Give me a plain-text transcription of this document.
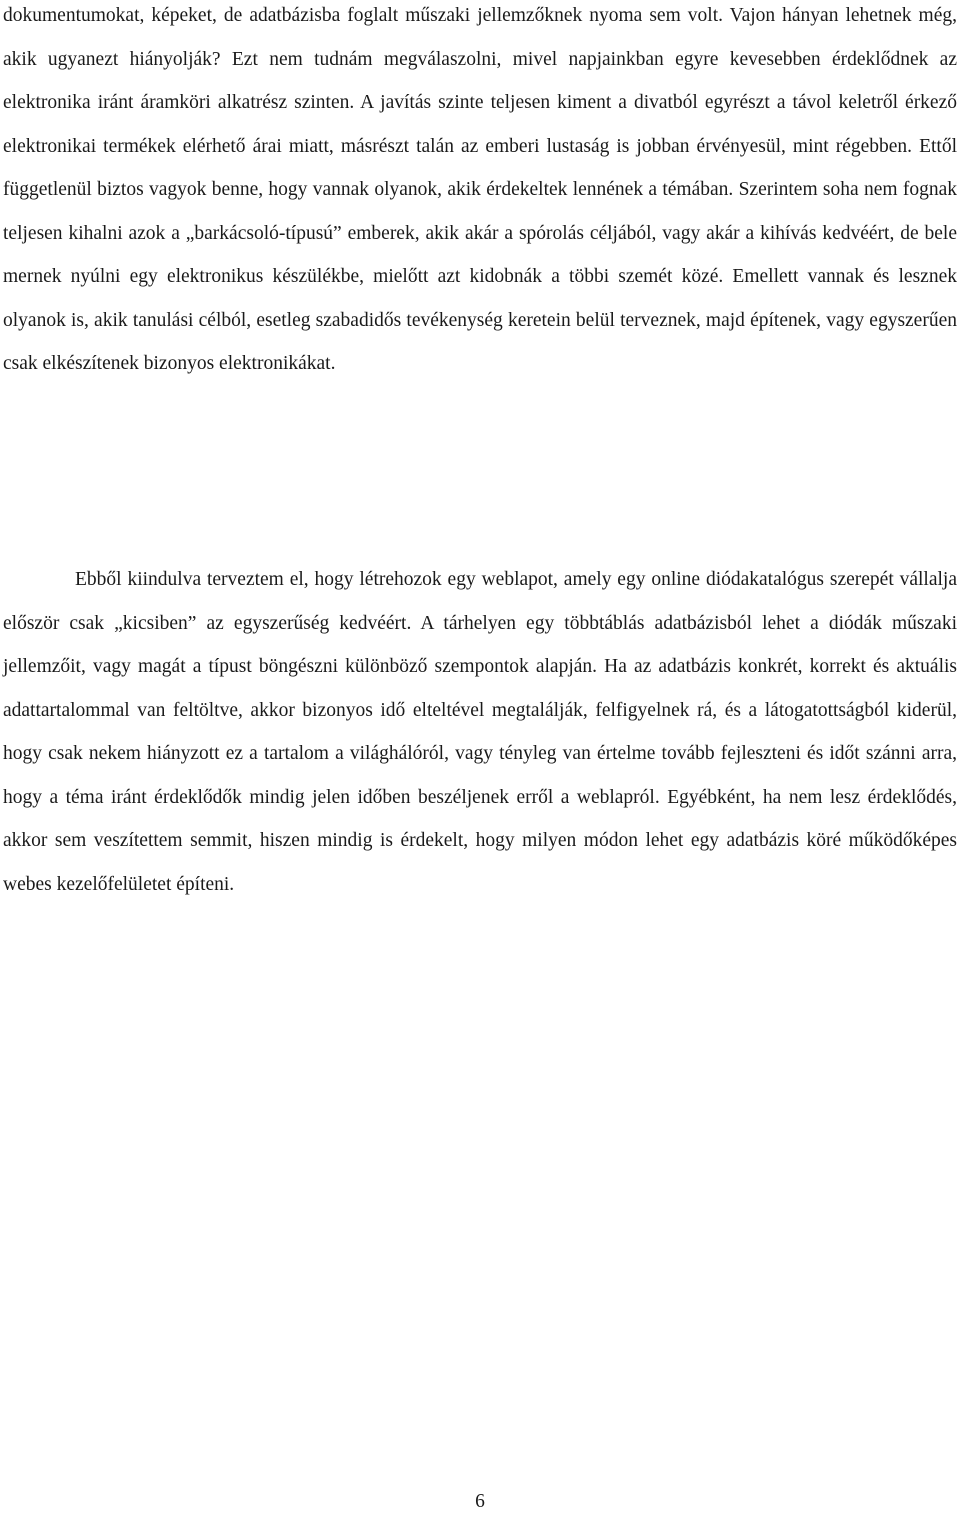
dokumentumokat, képeket, de adatbázisba foglalt műszaki jellemzőknek nyoma sem volt. Vajon hányan lehetnek még, akik ugyanezt hiányolják? Ezt nem tudnám megválaszolni, mivel napjainkban egyre kevesebben érdeklődnek az elektronika iránt áramköri alkatrész szinten. A javítás szinte teljesen kiment a divatból egyrészt a távol keletről érkező elektronikai termékek elérhető árai miatt, másrészt talán az emberi lustaság is jobban érvényesül, mint régebben. Ettől függetlenül biztos vagyok benne, hogy vannak olyanok, akik érdekeltek lennének a témában. Szerintem soha nem fognak teljesen kihalni azok a „barkácsoló-típusú” emberek, akik akár a spórolás céljából, vagy akár a kihívás kedvéért, de bele mernek nyúlni egy elektronikus készülékbe, mielőtt azt kidobnák a többi szemét közé. Emellett vannak és lesznek olyanok is, akik tanulási célból, esetleg szabadidős tevékenység keretein belül terveznek, majd építenek, vagy egyszerűen csak elkészítenek bizonyos elektronikákat.

Ebből kiindulva terveztem el, hogy létrehozok egy weblapot, amely egy online diódakatalógus szerepét vállalja először csak „kicsiben” az egyszerűség kedvéért. A tárhelyen egy többtáblás adatbázisból lehet a diódák műszaki jellemzőit, vagy magát a típust böngészni különböző szempontok alapján. Ha az adatbázis konkrét, korrekt és aktuális adattartalommal van feltöltve, akkor bizonyos idő elteltével megtalálják, felfigyelnek rá, és a látogatottságból kiderül, hogy csak nekem hiányzott ez a tartalom a világhálóról, vagy tényleg van értelme tovább fejleszteni és időt szánni arra, hogy a téma iránt érdeklődők mindig jelen időben beszéljenek erről a weblapról. Egyébként, ha nem lesz érdeklődés, akkor sem veszítettem semmit, hiszen mindig is érdekelt, hogy milyen módon lehet egy adatbázis köré működőképes webes kezelőfelületet építeni.

6
